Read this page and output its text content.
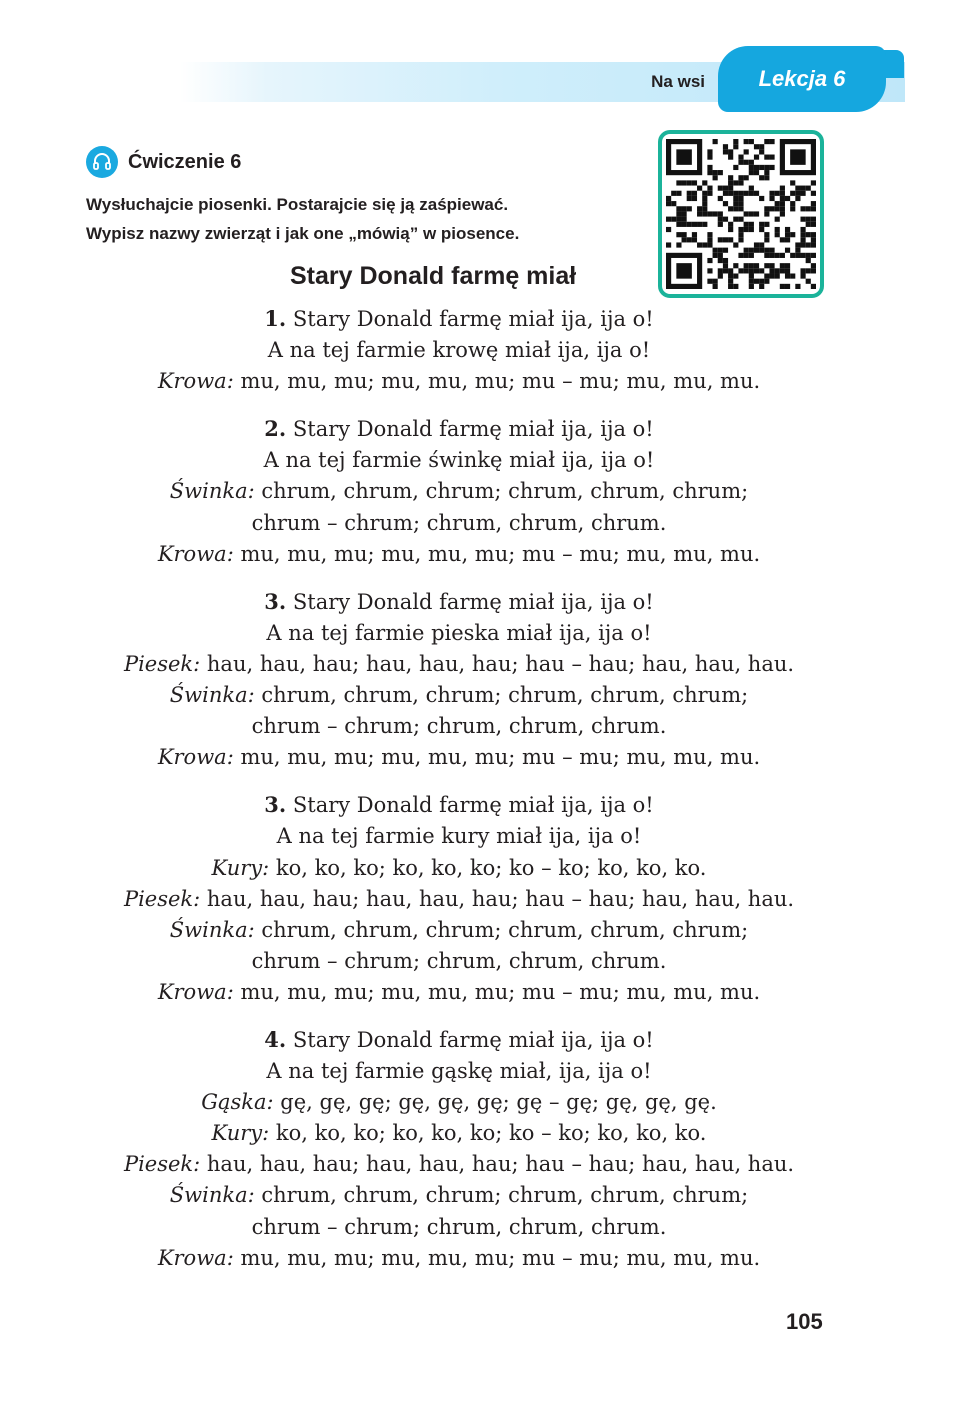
Na wsi Lekcja 6
Ćwiczenie 6
Wysłuchajcie piosenki. Postarajcie się ją zaśpiewać.
Wypisz nazwy zwierząt i jak one „mówią” w piosence.
Stary Donald farmę miał
1. Stary Donald farmę miał ija, ija o!
A na tej farmie krowę miał ija, ija o!
Krowa: mu, mu, mu; mu, mu, mu; mu – mu; mu, mu, mu.
2. Stary Donald farmę miał ija, ija o!
A na tej farmie świnkę miał ija, ija o!
Świnka: chrum, chrum, chrum; chrum, chrum, chrum;
chrum – chrum; chrum, chrum, chrum.
Krowa: mu, mu, mu; mu, mu, mu; mu – mu; mu, mu, mu.
3. Stary Donald farmę miał ija, ija o!
A na tej farmie pieska miał ija, ija o!
Piesek: hau, hau, hau; hau, hau, hau; hau – hau; hau, hau, hau.
Świnka: chrum, chrum, chrum; chrum, chrum, chrum;
chrum – chrum; chrum, chrum, chrum.
Krowa: mu, mu, mu; mu, mu, mu; mu – mu; mu, mu, mu.
3. Stary Donald farmę miał ija, ija o!
A na tej farmie kury miał ija, ija o!
Kury: ko, ko, ko; ko, ko, ko; ko – ko; ko, ko, ko.
Piesek: hau, hau, hau; hau, hau, hau; hau – hau; hau, hau, hau.
Świnka: chrum, chrum, chrum; chrum, chrum, chrum;
chrum – chrum; chrum, chrum, chrum.
Krowa: mu, mu, mu; mu, mu, mu; mu – mu; mu, mu, mu.
4. Stary Donald farmę miał ija, ija o!
A na tej farmie gąskę miał, ija, ija o!
Gąska: gę, gę, gę; gę, gę, gę; gę – gę; gę, gę, gę.
Kury: ko, ko, ko; ko, ko, ko; ko – ko; ko, ko, ko.
Piesek: hau, hau, hau; hau, hau, hau; hau – hau; hau, hau, hau.
Świnka: chrum, chrum, chrum; chrum, chrum, chrum;
chrum – chrum; chrum, chrum, chrum.
Krowa: mu, mu, mu; mu, mu, mu; mu – mu; mu, mu, mu.
105
